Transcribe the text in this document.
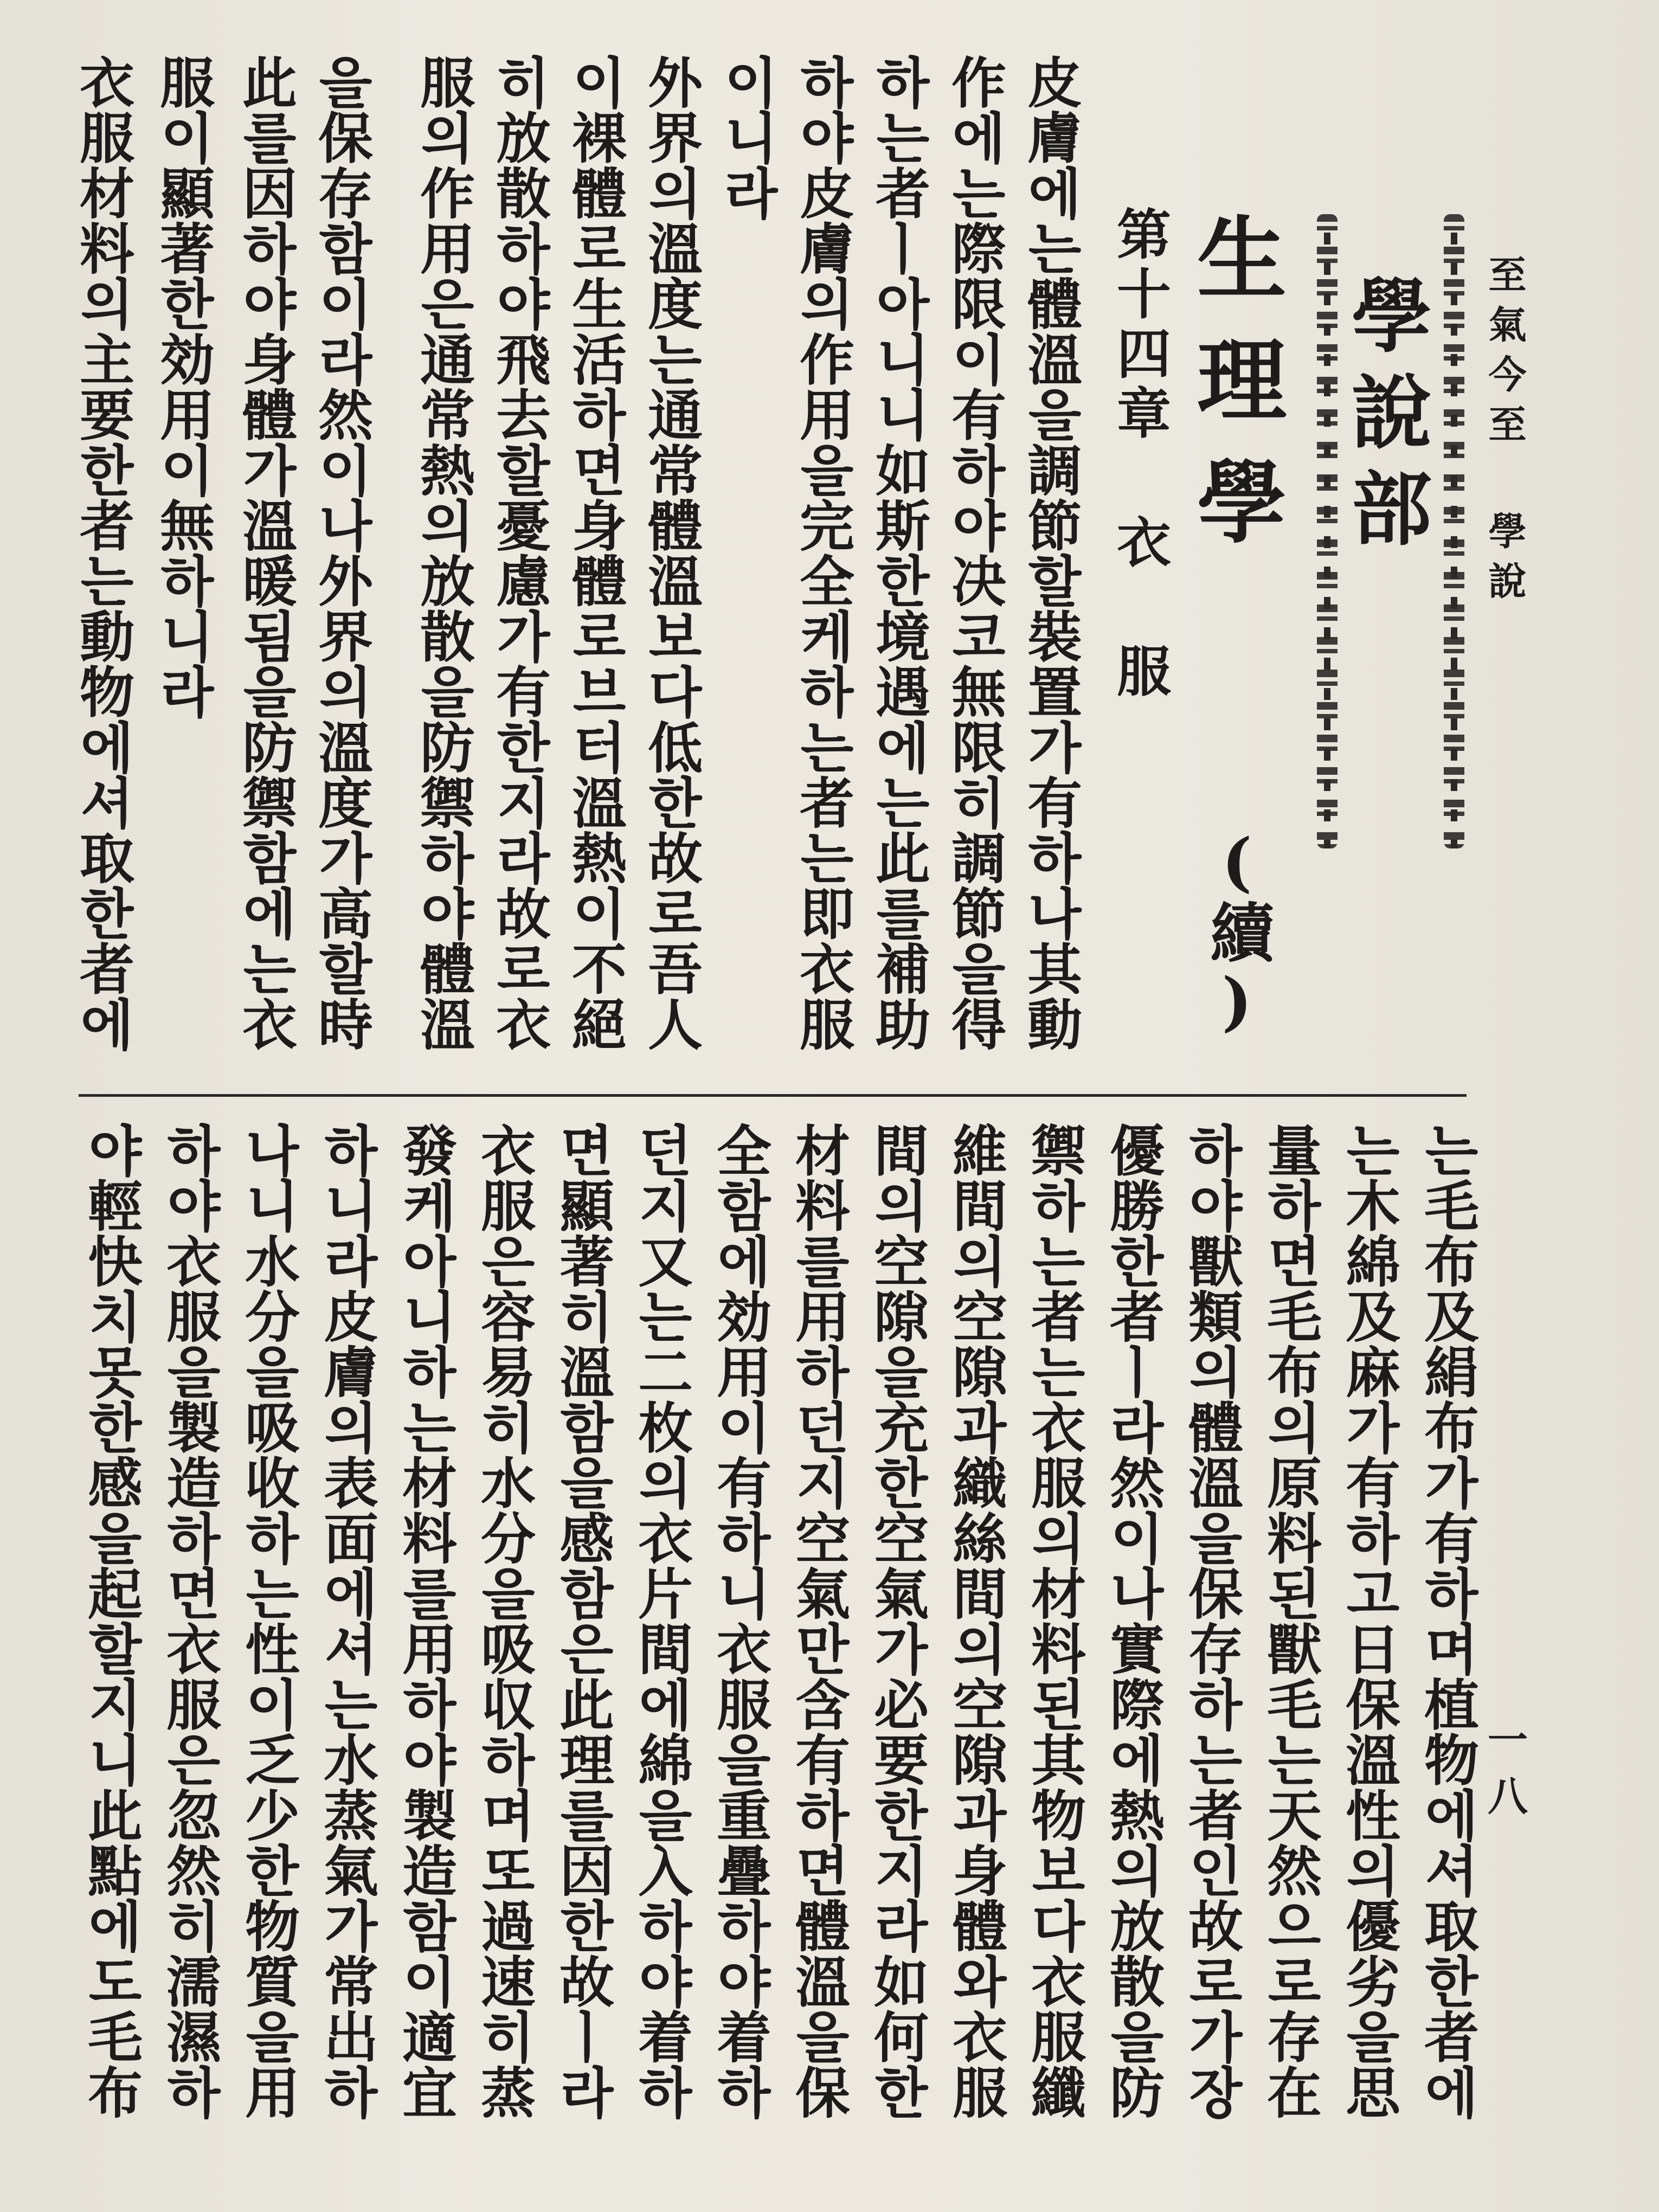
至氣今至 學說
一八
學說部
生理學
(續)
第十四章 衣 服
皮膚에는體溫을調節할裝置가有하나其動
作에는際限이有하야决코無限히調節을得
하는者ㅣ아니니如斯한境遇에는此를補助
하야皮膚의作用을完全케하는者는即衣服
이니라
外界의溫度는通常體溫보다低한故로吾人
이裸體로生活하면身體로브터溫熱이不絕
히放散하야飛去할憂慮가有한지라故로衣
服의作用은通常熱의放散을防禦하야體溫
을保存함이라然이나外界의溫度가高할時
此를因하야身體가溫暖됨을防禦함에는衣
服이顯著한効用이無하니라
衣服材料의主要한者는動物에셔取한者에
는毛布及絹布가有하며植物에셔取한者에
는木綿及麻가有하고日保溫性의優劣을思
量하면毛布의原料된獸毛는天然으로存在
하야獸類의體溫을保存하는者인故로가장
優勝한者ㅣ라然이나實際에熱의放散을防
禦하는者는衣服의材料된其物보다衣服纖
維間의空隙과織絲間의空隙과身體와衣服
間의空隙을充한空氣가必要한지라如何한
材料를用하던지空氣만含有하면體溫을保
全함에効用이有하니衣服을重疊하야着하
던지又는二枚의衣片間에綿을入하야着하
면顯著히溫함을感함은此理를因한故ㅣ라
衣服은容易히水分을吸収하며또過速히蒸
發케아니하는材料를用하야製造함이適宜
하니라皮膚의表面에셔는水蒸氣가常出하
나니水分을吸收하는性이乏少한物質을用
하야衣服을製造하면衣服은忽然히濡濕하
야輕快치못한感을起할지니此點에도毛布
